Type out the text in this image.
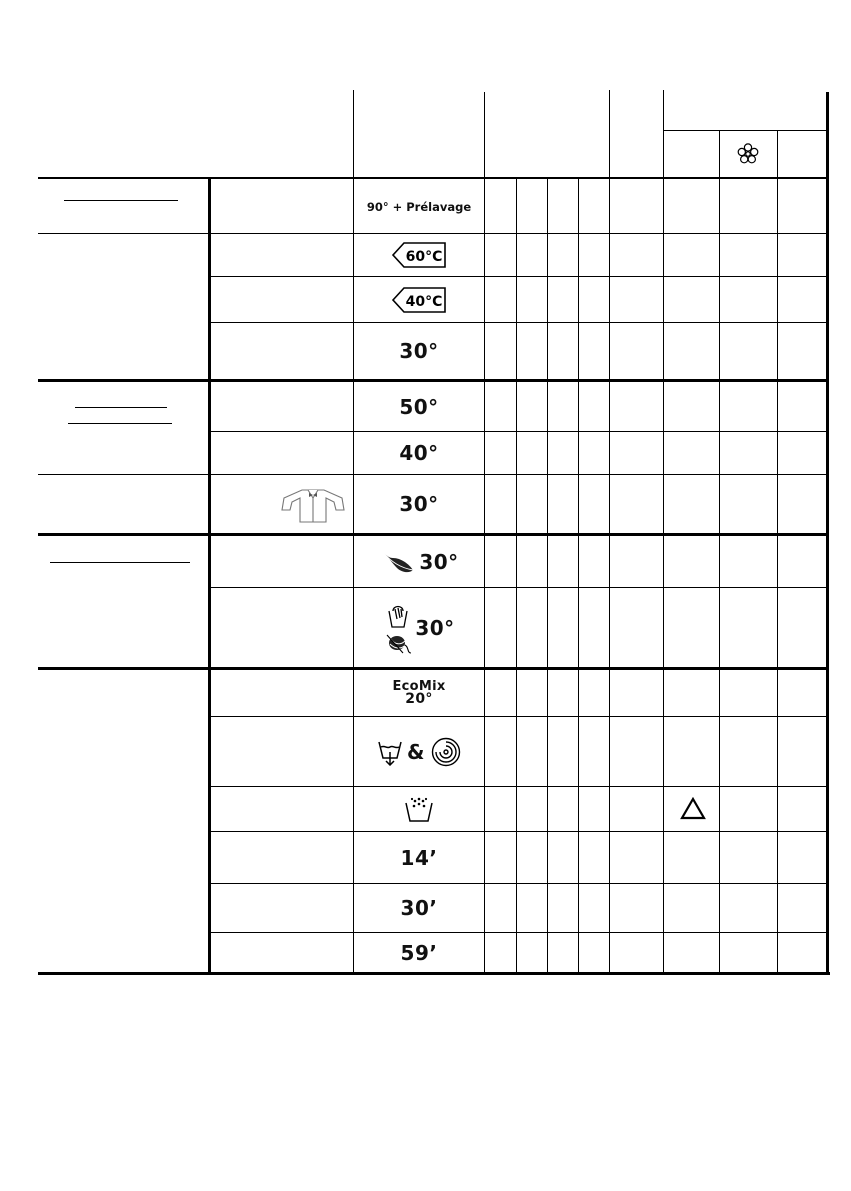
90° + Prélavage
60°C
40°C
30°
50°
40°
30°
30°
30°
EcoMix
20°
&
14’
30’
59’
